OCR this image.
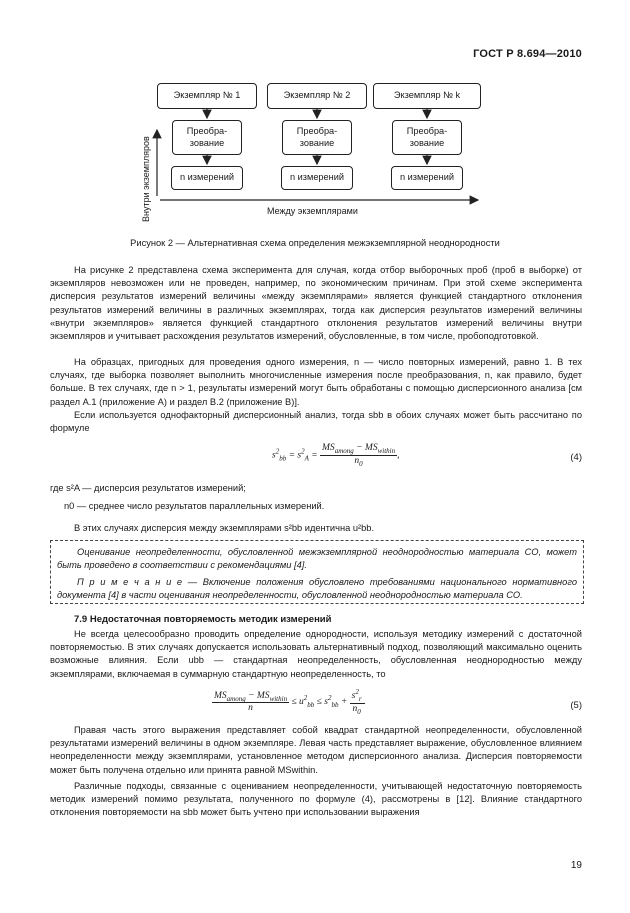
ГОСТ Р 8.694—2010
Экземпляр № 1	Экземпляр № 2	Экземпляр № k
Преобра-
зование
Преобра-
зование
Преобра-
зование
n измерений	n измерений	n измерений
Внутри экземпляров	Между экземплярами
Рисунок 2 — Альтернативная схема определения межэкземплярной неоднородности

На рисунке 2 представлена схема эксперимента для случая, когда отбор выборочных проб (проб в выборке) от экземпляров невозможен или не проведен, например, по экономическим причинам. При этой схеме эксперимента дисперсия результатов измерений величины «между экземплярами» является функцией стандартного отклонения результатов измерений величины в различных экземплярах, тогда как дисперсия результатов измерений величины «внутри экземпляров» является функцией стандартного отклонения результатов измерений величины внутри экземпляров и учитывает расхождения результатов измерений, обусловленные, в том числе, пробоподготовкой.

На образцах, пригодных для проведения одного измерения, n — число повторных измерений, равно 1. В тех случаях, где выборка позволяет выполнить многочисленные измерения после преобразования, n, как правило, будет больше. В тех случаях, где n > 1, результаты измерений могут быть обработаны с помощью дисперсионного анализа [см раздел А.1 (приложение А) и раздел В.2 (приложение В)].

Если используется однофакторный дисперсионный анализ, тогда sbb в обоих случаях может быть рассчитано по формуле

$s^2_{bb} = s^2_A = \frac{MS_{among} - MS_{within}}{n_0}$ ,	(4)

где s²A — дисперсия результатов измерений;

n0 — среднее число результатов параллельных измерений.

В этих случаях дисперсия между экземплярами s²bb идентична u²bb.

Оценивание неопределенности, обусловленной межэкземплярной неоднородностью материала СО, может быть проведено в соответствии с рекомендациями [4].

П р и м е ч а н и е — Включение положения обусловлено требованиями национального нормативного документа [4] в части оценивания неопределенности, обусловленной неоднородностью материала СО.

7.9 Недостаточная повторяемость методик измерений

Не всегда целесообразно проводить определение однородности, используя методику измерений с достаточной повторяемостью. В этих случаях допускается использовать альтернативный подход, позволяющий максимально оценить возможные влияния. Если ubb — стандартная неопределенность, обусловленная неоднородностью между экземплярами, включаемая в суммарную стандартную неопределенность, то

$\frac{MS_{among} - MS_{within}}{n} \le u^2_{bb} \le s^2_{bb} + \frac{s^2_r}{n_0}$ .	(5)

Правая часть этого выражения представляет собой квадрат стандартной неопределенности, обусловленной результатами измерений величины в одном экземпляре. Левая часть представляет выражение, обусловленное влиянием неопределенности между экземплярами, установленное методом дисперсионного анализа. Дисперсия повторяемости может быть получена отдельно или принята равной MSwithin.

Различные подходы, связанные с оцениванием неопределенности, учитывающей недостаточную повторяемость методик измерений помимо результата, полученного по формуле (4), рассмотрены в [12]. Влияние стандартного отклонения повторяемости на sbb может быть учтено при использовании выражения

19
